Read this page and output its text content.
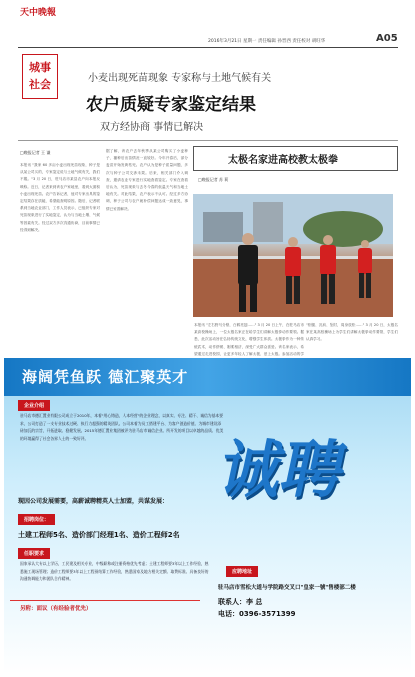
天中晚報
2016年3月21日 星期一 责任编辑 孙晋西 责任校对 胡旺华	A05
城事
社会	小麦出现死苗现象 专家称与土地气候有关
农户质疑专家鉴定结果
双方经协商 事情已解决
□晚报记者 王 谦
本报讯 "我家 60 多亩小麦出现死苗现象，种子是从某公司买的，专家鉴定说与土地气候有关，我们不服。"3 月 20 日，驻马店市某县农户向本报反映称。近日，记者来到该农户家地里，看到大面积小麦出现死苗。农户告诉记者，他对专家出具的鉴定结果存在质疑，希望能查明原因。随后，记者联系到当地农业部门，工作人员表示，已组织专家对死苗现象进行了实地鉴定，认为与当地土壤、气候等因素有关。经过双方多次沟通协商，目前事情已经得到解决。
据了解，该农户去年秋季从某公司购买了小麦种子，播种后出苗情况一直较好。今年开春后，部分麦苗开始发黄枯死。农户认为是种子质量问题，多次与种子公司交涉未果。后来，相关部门介入调查，邀请农业专家进行实地查看鉴定。专家在查看后认为，死苗现象与去冬今春的低温天气和当地土地有关。对此结果，农户表示不认可。经过多方协调，种子公司与农户就补偿问题达成一致意见，事情已妥善解决。
太极名家进高校教太极拳
□晚报记者 苏 莉
本报讯 "左右野马分鬃，白鹤亮翅……" 3 月 20 日上午，在驻马店市某高校操场上，一位太极名家正在给学生们讲解太极拳动作要领。据悉，此次活动旨在弘扬传统文化，增强学生体质。太极拳作为一种传统武术，动作舒缓、刚柔相济，深受广大群众喜爱。该名家表示，希望通过走进校园，让更多年轻人了解太极、爱上太极。参加活动的学
"松腰、沉肩、坠肘，周身放松……" 3 月 20 日，太极名家在某高校操场上为学生们讲解太极拳动作要领，学生们认真学习。
海阔凭鱼跃 德汇聚英才
企业介绍
驻马店市德汇置业有限公司成立于2010年，本着"用心铸造，人本经营"的企业理念，以真实、专注、精干、诚信为基本要求，公司打造了一支专业技术过硬、执行力超强的精英团队。公司本着为员工搭建平台、为客户创造价值、为城市建设添砖加瓦的宗旨，开拓进取、稳健发展。2015年德汇置业集团被评为驻马店市诚信企业。所开发的项目以卓越的品质、优美的环境赢得了社会各界人士的一致好评。	诚聘
现因公司发展需要，高薪诚聘精英人士加盟，共谋发展：
招聘岗位：
土建工程师5名、造价部门经理1名、造价工程师2名
任职要求
国家承认大专以上学历，工民建及相关专业，中级职称或注册资格优先考虑；土建工程师要3年以上工作经验，熟悉施工现场管理；造价工程师要3年以上工程预结算工作经验，熟悉国家及地方相关定额、取费标准。具备良好的沟通协调能力和团队合作精神。
另附：面议（有经验者优先）
应聘地址
驻马店市雪松大道与学院路交叉口"皇家一號"售楼部二楼
联系人：李 总
电话：0396-3571399
